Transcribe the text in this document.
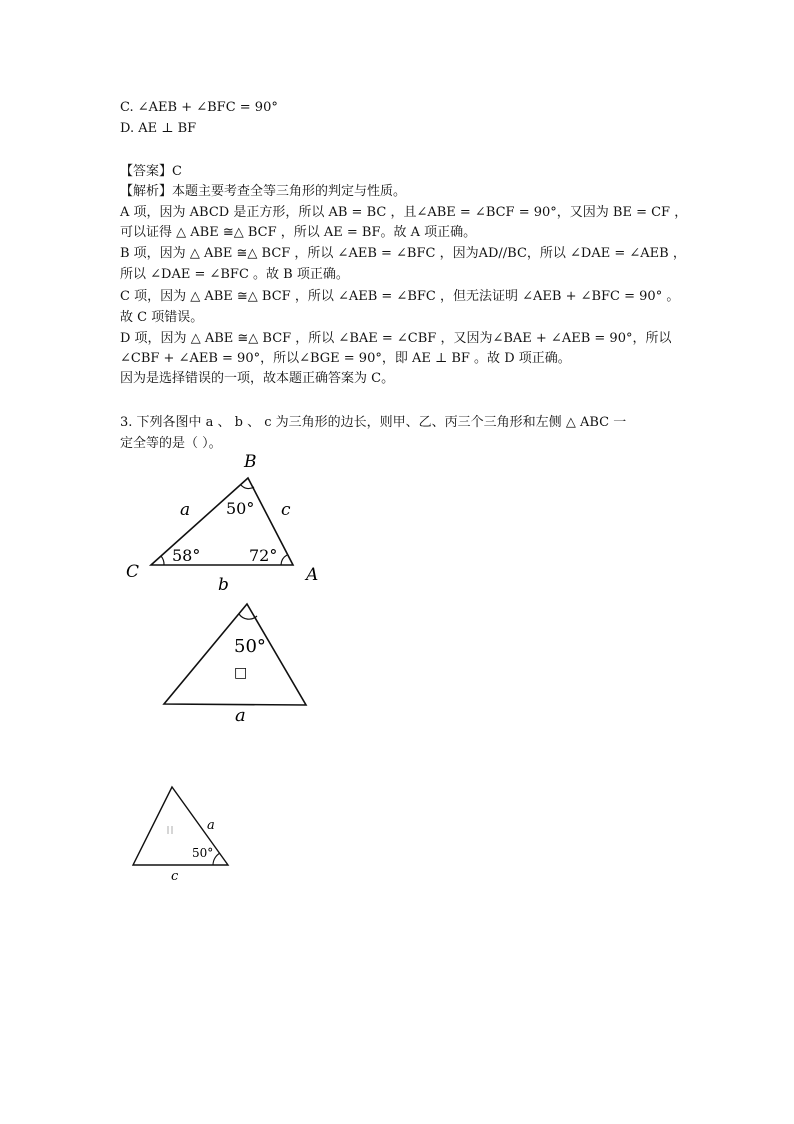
C. ∠AEB + ∠BFC = 90°
D. AE ⊥ BF
【答案】C
【解析】本题主要考查全等三角形的判定与性质。
A 项，因为 ABCD 是正方形，所以 AB = BC ，且∠ABE = ∠BCF = 90°，又因为 BE = CF ，
可以证得 △ ABE ≅△ BCF ，所以 AE = BF。故 A 项正确。
B 项，因为 △ ABE ≅△ BCF ，所以 ∠AEB = ∠BFC ，因为AD//BC，所以 ∠DAE = ∠AEB ，
所以 ∠DAE = ∠BFC 。故 B 项正确。
C 项，因为 △ ABE ≅△ BCF ，所以 ∠AEB = ∠BFC ，但无法证明 ∠AEB + ∠BFC = 90° 。
故 C 项错误。
D 项，因为 △ ABE ≅△ BCF ，所以 ∠BAE = ∠CBF ，又因为∠BAE + ∠AEB = 90°，所以
∠CBF + ∠AEB = 90°，所以∠BGE = 90°，即 AE ⊥ BF 。故 D 项正确。
因为是选择错误的一项，故本题正确答案为 C。
3. 下列各图中 a 、 b 、 c 为三角形的边长，则甲、乙、丙三个三角形和左侧 △ ABC 一
定全等的是（ ）。
B
C	A
a	c
b
50°
58°	72°
50°
□
a
a
50°
c
